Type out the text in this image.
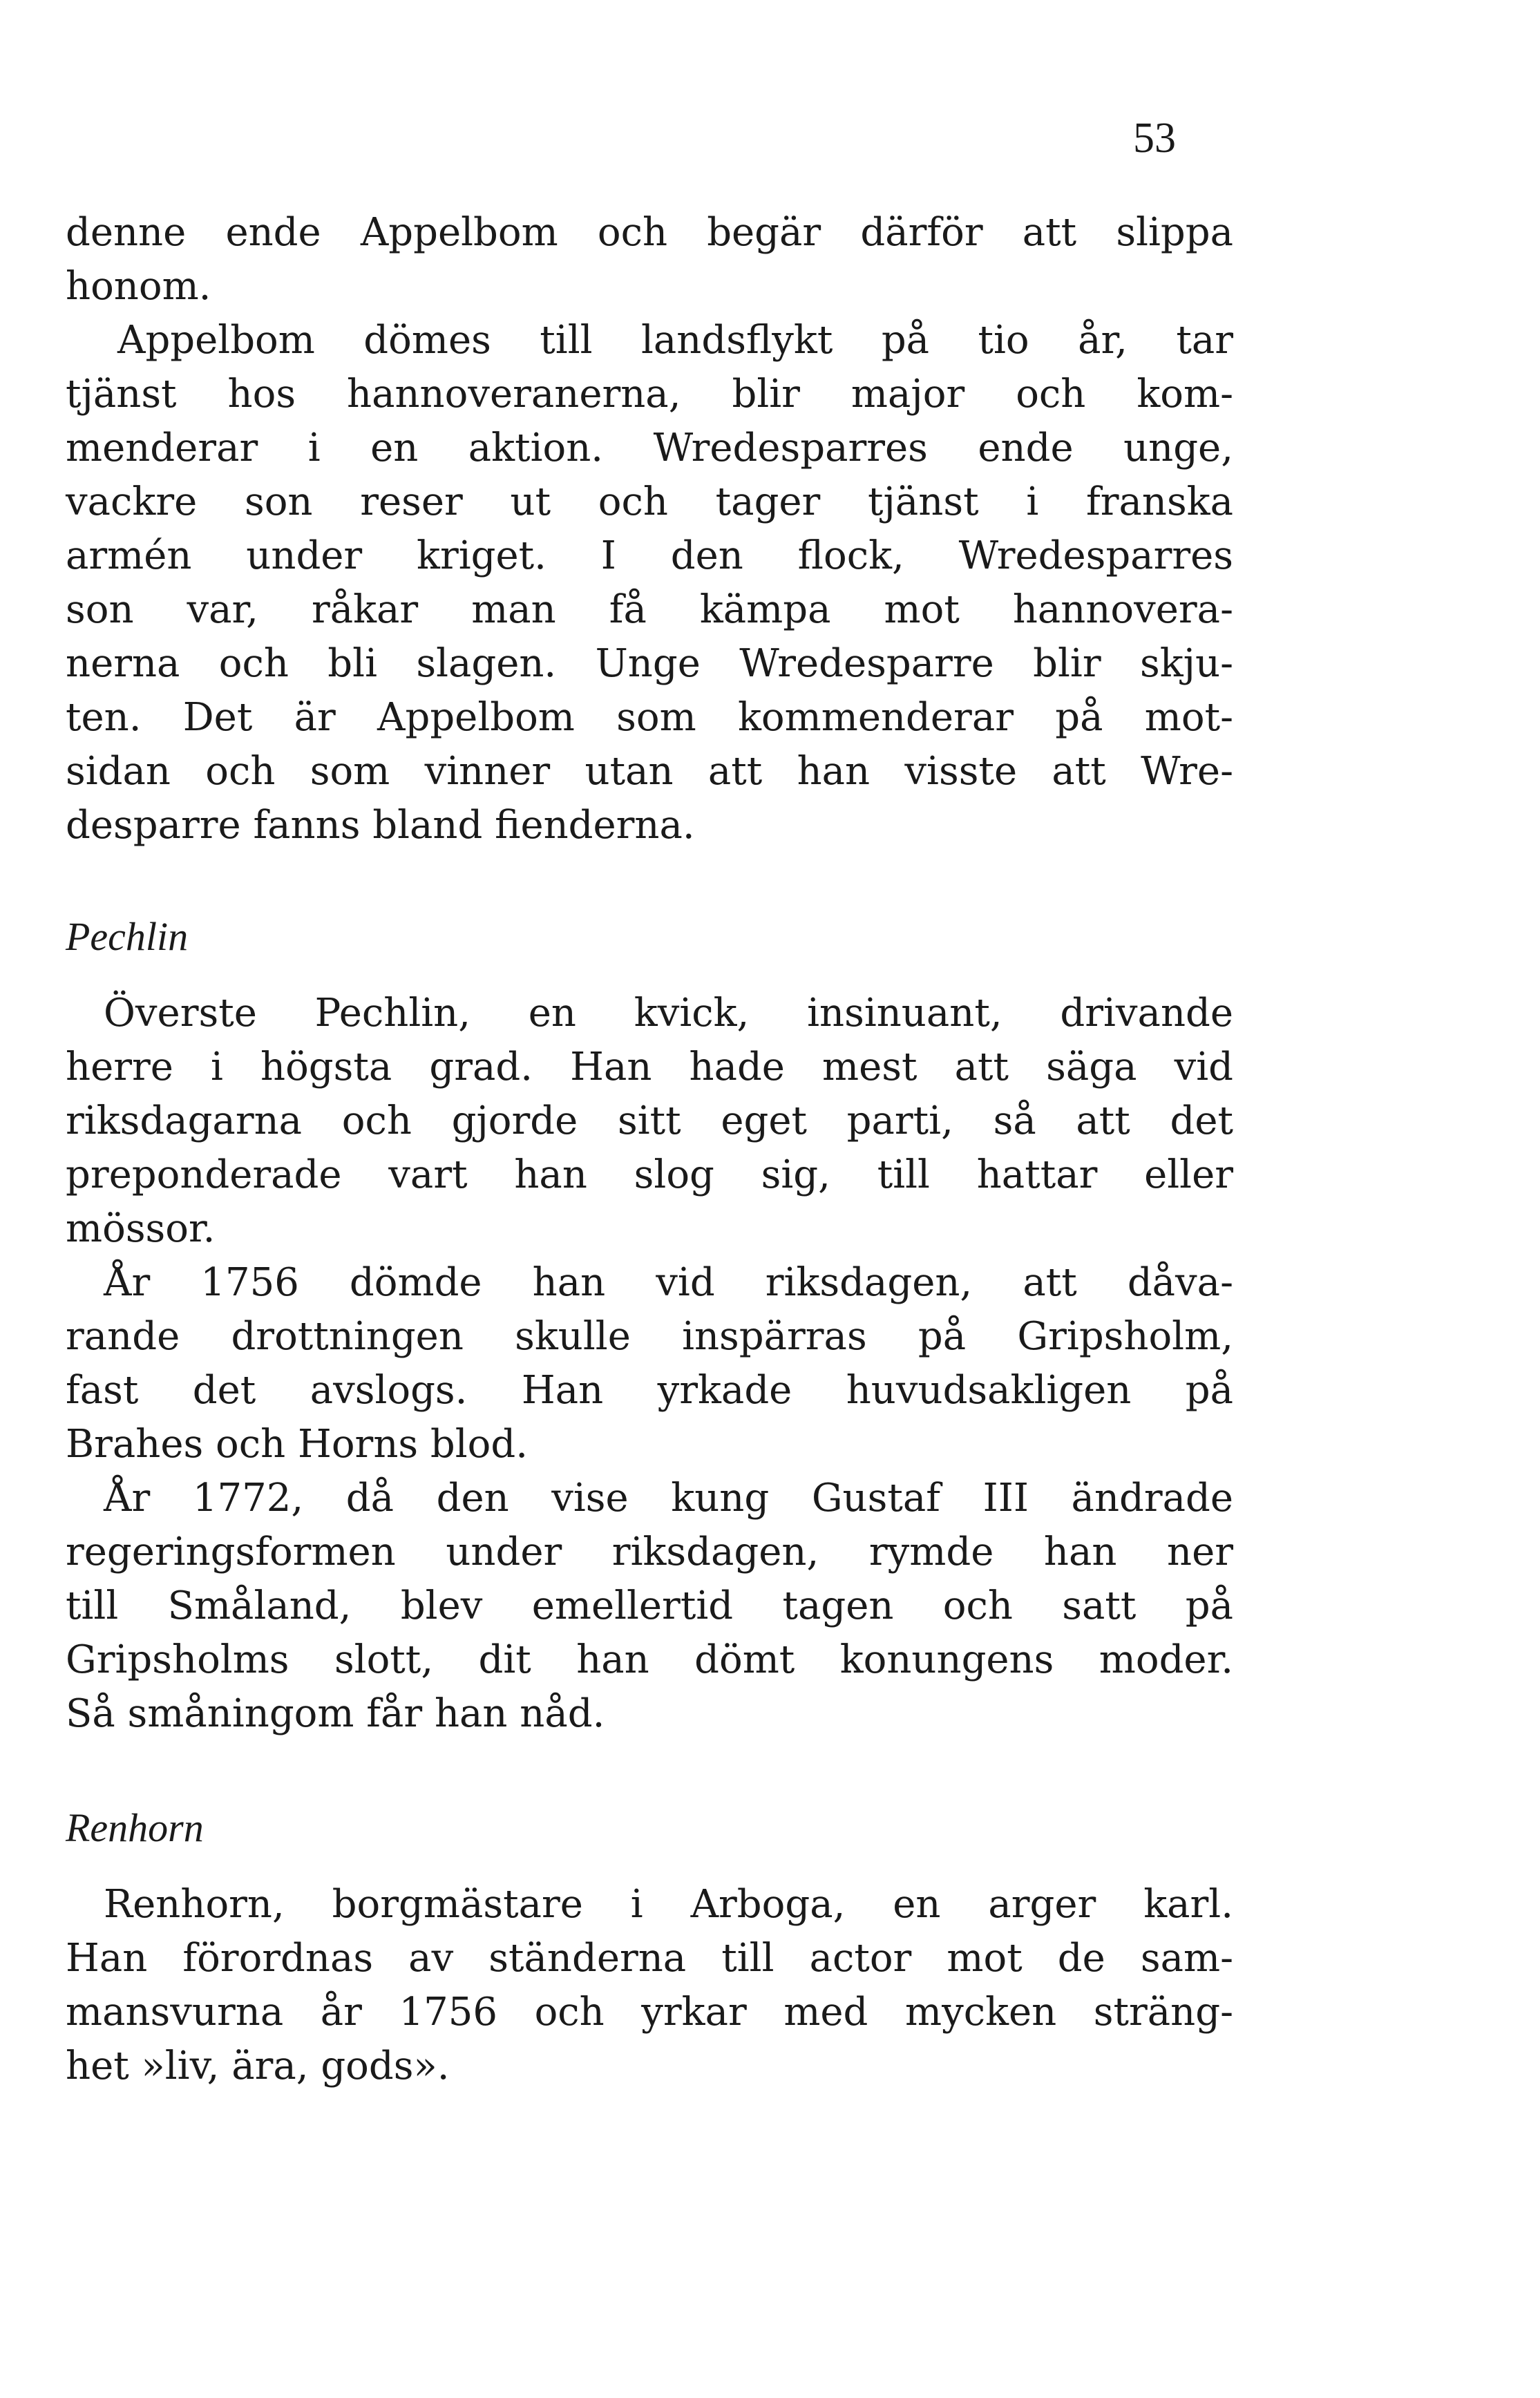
53
denne ende Appelbom och begär därför att slippa
honom.
Appelbom dömes till landsflykt på tio år, tar
tjänst hos hannoveranerna, blir major och kom-
menderar i en aktion. Wredesparres ende unge,
vackre son reser ut och tager tjänst i franska
armén under kriget. I den flock, Wredesparres
son var, råkar man få kämpa mot hannovera-
nerna och bli slagen. Unge Wredesparre blir skju-
ten. Det är Appelbom som kommenderar på mot-
sidan och som vinner utan att han visste att Wre-
desparre fanns bland fienderna.
Pechlin
Överste Pechlin, en kvick, insinuant, drivande
herre i högsta grad. Han hade mest att säga vid
riksdagarna och gjorde sitt eget parti, så att det
preponderade vart han slog sig, till hattar eller
mössor.
År 1756 dömde han vid riksdagen, att dåva-
rande drottningen skulle inspärras på Gripsholm,
fast det avslogs. Han yrkade huvudsakligen på
Brahes och Horns blod.
År 1772, då den vise kung Gustaf III ändrade
regeringsformen under riksdagen, rymde han ner
till Småland, blev emellertid tagen och satt på
Gripsholms slott, dit han dömt konungens moder.
Så småningom får han nåd.
Renhorn
Renhorn, borgmästare i Arboga, en arger karl.
Han förordnas av ständerna till actor mot de sam-
mansvurna år 1756 och yrkar med mycken sträng-
het »liv, ära, gods».
